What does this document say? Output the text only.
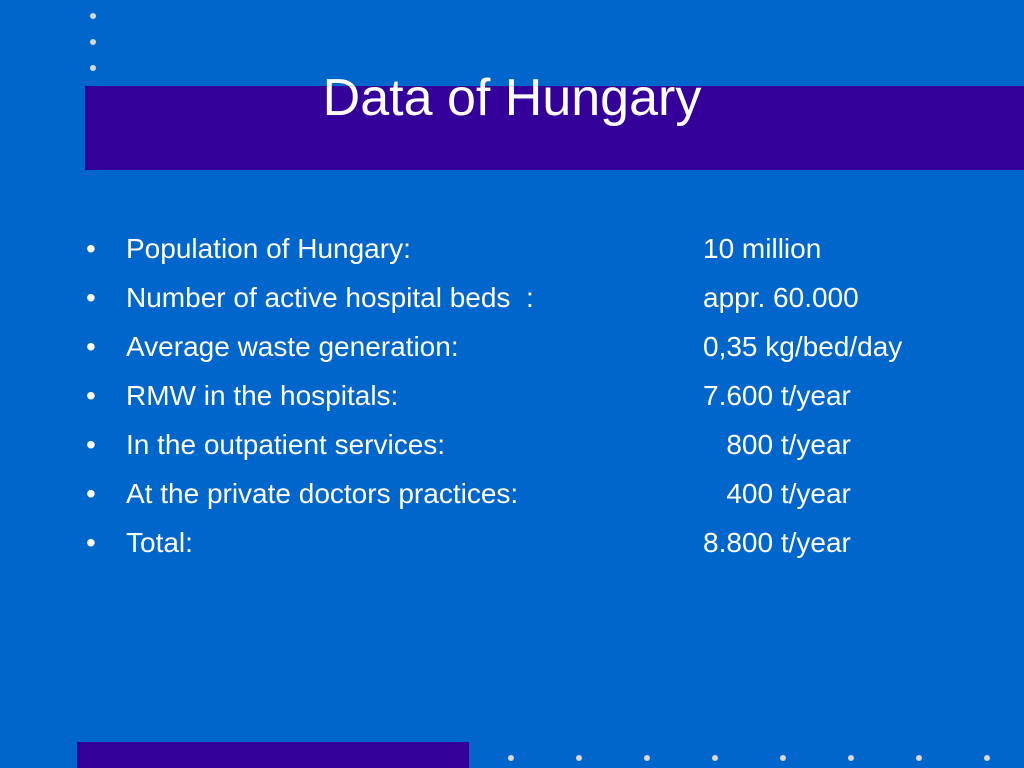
Data of Hungary
• Population of Hungary:	10 million
• Number of active hospital beds  :	appr. 60.000
• Average waste generation:	0,35 kg/bed/day
• RMW in the hospitals:	7.600 t/year
• In the outpatient services:	800 t/year
• At the private doctors practices:	400 t/year
• Total:	8.800 t/year
